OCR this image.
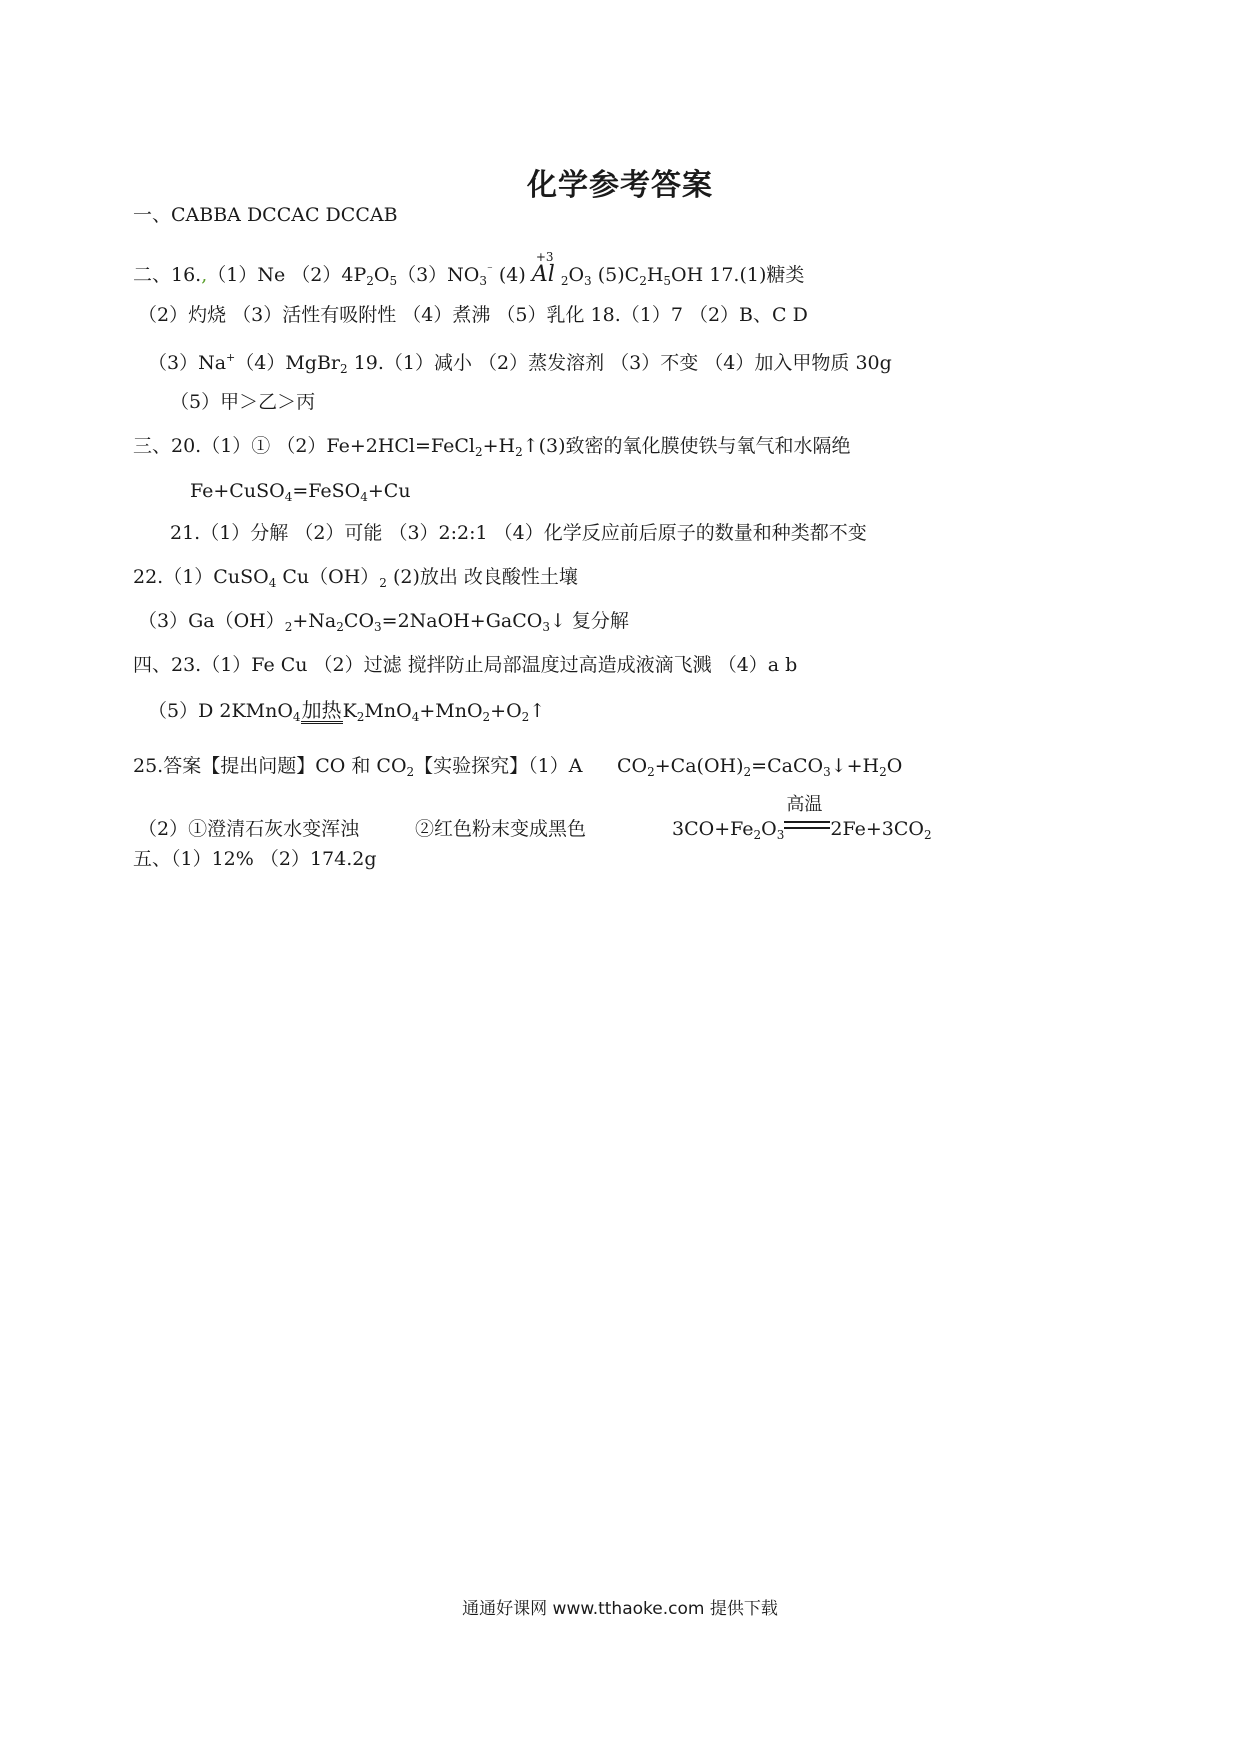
化学参考答案
一、CABBA DCCAC DCCAB
二、16.,（1）Ne $(2)4P_2O_5(3)NO_3^{^-}$ (4)
+3
Al $_2O_3$ $(5)C_2H_5OH$ 17.(1)糖类
（2）灼烧 （3）活性有吸附性 （4）煮沸 （5）乳化 18.（1）7 （2）B、C D
（3）Na+（4）MgBr$_2$ 19.（1）减小 （2）蒸发溶剂 （3）不变 （4）加入甲物质 30g
（5）甲＞乙＞丙
三、20.（1）① $(2)Fe+2HCl=FeCl_2+H_2↑(3)$致密的氧化膜使铁与氧气和水隔绝
Fe+CuSO$_4$=FeSO$_4$+Cu
21.（1）分解 （2）可能 （3）2:2:1 （4）化学反应前后原子的数量和种类都不变
22.（1）CuSO$_4$ $Cu(OH)_2$ (2)放出 改良酸性土壤
$(3)Ga(OH)_2+Na_2CO_3=2NaOH+GaCO_3↓$ 复分解
四、23.（1）Fe Cu （2）过滤 搅拌防止局部温度过高造成液滴飞溅 （4）a b
（5）D 2KMnO$_4$加热$K_2MnO_4+MnO_2+O_2↑$
25.答案【提出问题】CO 和 $CO_2$【实验探究】（1）A $CO_2+Ca(OH)_2=CaCO_3↓+H_2O$
（2）①澄清石灰水变浑浊	②红色粉末变成黑色	$3CO+Fe_2O_3$
高温
$2Fe+3CO_2$
五、（1）12% （2）174.2g
通通好课网 www.tthaoke.com 提供下载
